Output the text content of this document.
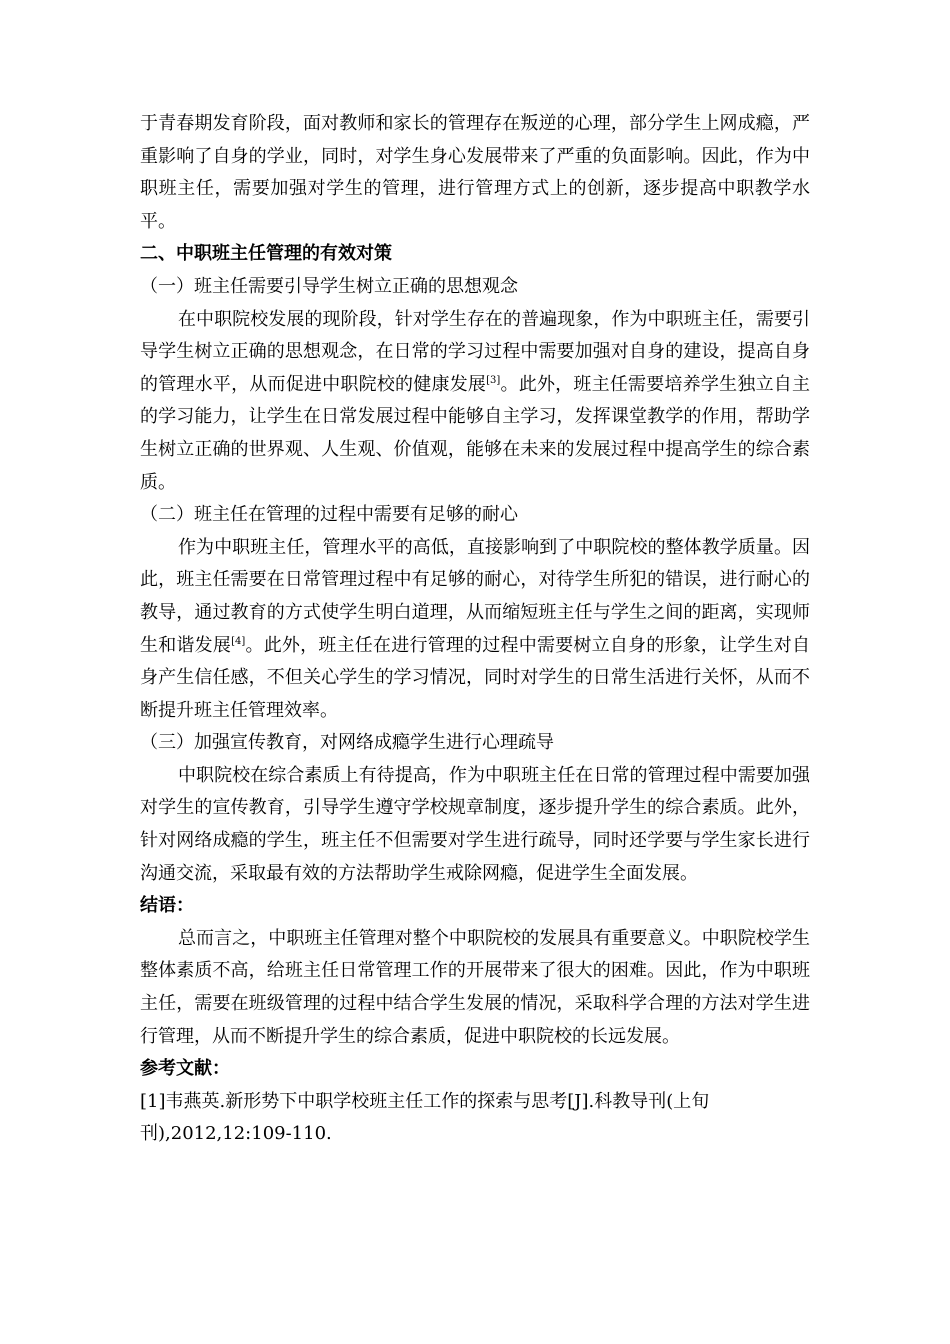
于青春期发育阶段，面对教师和家长的管理存在叛逆的心理，部分学生上网成瘾，严重影响了自身的学业，同时，对学生身心发展带来了严重的负面影响。因此，作为中职班主任，需要加强对学生的管理，进行管理方式上的创新，逐步提高中职教学水平。

二、中职班主任管理的有效对策

（一）班主任需要引导学生树立正确的思想观念

在中职院校发展的现阶段，针对学生存在的普遍现象，作为中职班主任，需要引导学生树立正确的思想观念，在日常的学习过程中需要加强对自身的建设，提高自身的管理水平，从而促进中职院校的健康发展[3]。此外，班主任需要培养学生独立自主的学习能力，让学生在日常发展过程中能够自主学习，发挥课堂教学的作用，帮助学生树立正确的世界观、人生观、价值观，能够在未来的发展过程中提高学生的综合素质。

（二）班主任在管理的过程中需要有足够的耐心

作为中职班主任，管理水平的高低，直接影响到了中职院校的整体教学质量。因此，班主任需要在日常管理过程中有足够的耐心，对待学生所犯的错误，进行耐心的教导，通过教育的方式使学生明白道理，从而缩短班主任与学生之间的距离，实现师生和谐发展[4]。此外，班主任在进行管理的过程中需要树立自身的形象，让学生对自身产生信任感，不但关心学生的学习情况，同时对学生的日常生活进行关怀，从而不断提升班主任管理效率。

（三）加强宣传教育，对网络成瘾学生进行心理疏导

中职院校在综合素质上有待提高，作为中职班主任在日常的管理过程中需要加强对学生的宣传教育，引导学生遵守学校规章制度，逐步提升学生的综合素质。此外，针对网络成瘾的学生，班主任不但需要对学生进行疏导，同时还学要与学生家长进行沟通交流，采取最有效的方法帮助学生戒除网瘾，促进学生全面发展。

结语：

总而言之，中职班主任管理对整个中职院校的发展具有重要意义。中职院校学生整体素质不高，给班主任日常管理工作的开展带来了很大的困难。因此，作为中职班主任，需要在班级管理的过程中结合学生发展的情况，采取科学合理的方法对学生进行管理，从而不断提升学生的综合素质，促进中职院校的长远发展。

参考文献：

[1]韦燕英.新形势下中职学校班主任工作的探索与思考[J].科教导刊(上旬刊),2012,12:109-110.
